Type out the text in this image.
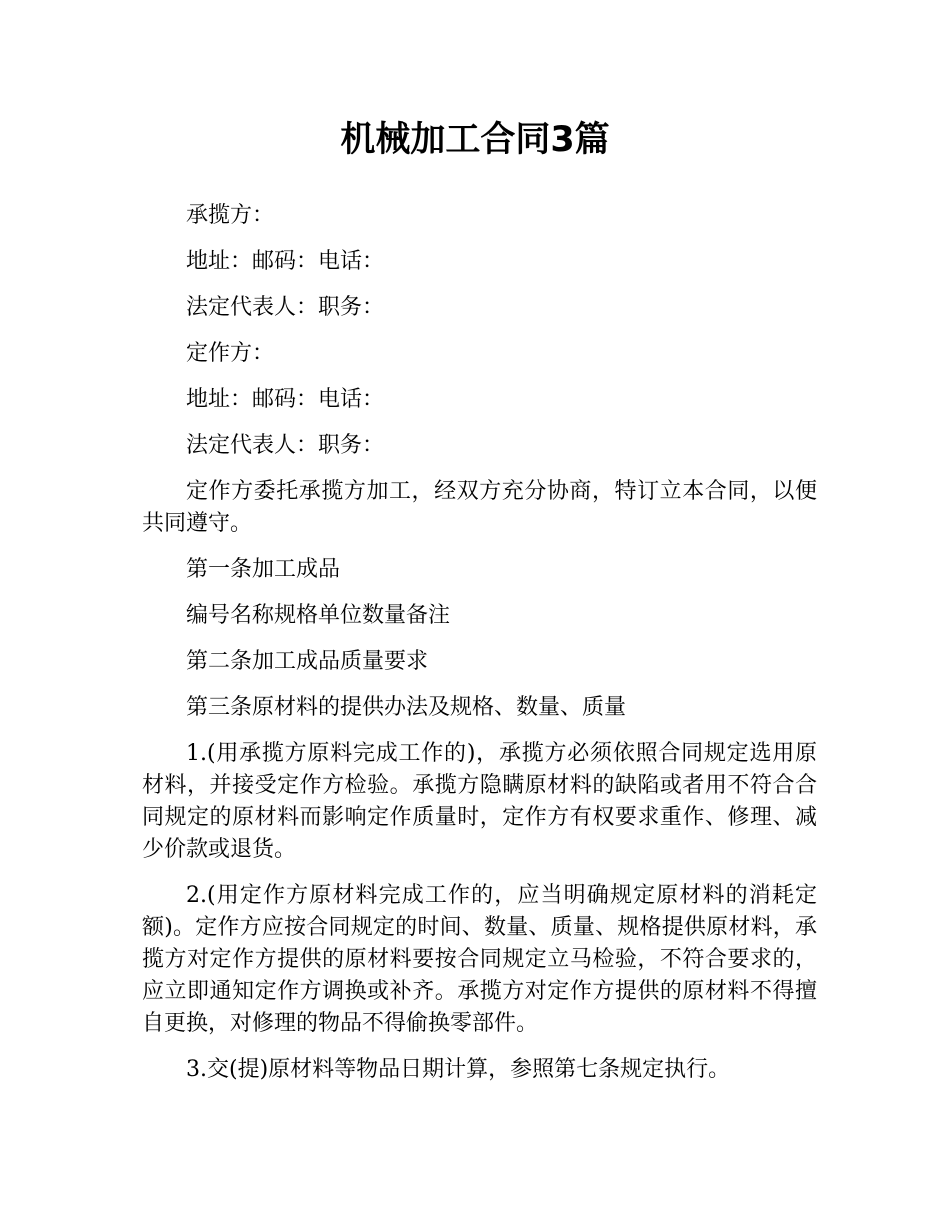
机械加工合同3篇

承揽方：

地址：邮码：电话：

法定代表人：职务：

定作方：

地址：邮码：电话：

法定代表人：职务：

定作方委托承揽方加工，经双方充分协商，特订立本合同，以便共同遵守。

第一条加工成品

编号名称规格单位数量备注

第二条加工成品质量要求

第三条原材料的提供办法及规格、数量、质量

1.(用承揽方原料完成工作的)，承揽方必须依照合同规定选用原材料，并接受定作方检验。承揽方隐瞒原材料的缺陷或者用不符合合同规定的原材料而影响定作质量时，定作方有权要求重作、修理、减少价款或退货。

2.(用定作方原材料完成工作的，应当明确规定原材料的消耗定额)。定作方应按合同规定的时间、数量、质量、规格提供原材料，承揽方对定作方提供的原材料要按合同规定立马检验，不符合要求的，应立即通知定作方调换或补齐。承揽方对定作方提供的原材料不得擅自更换，对修理的物品不得偷换零部件。

3.交(提)原材料等物品日期计算，参照第七条规定执行。
